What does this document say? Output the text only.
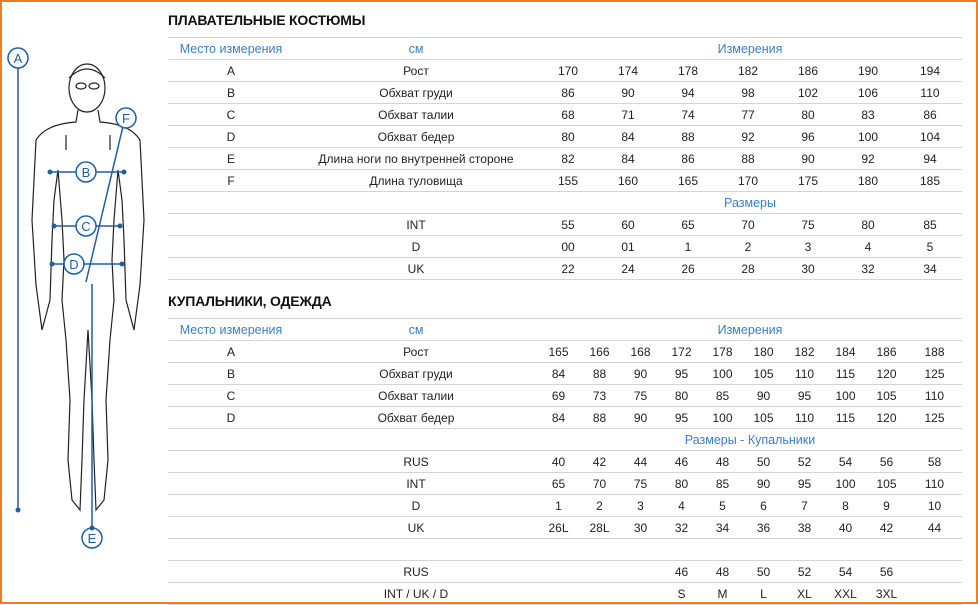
A
B
C
D
E
F
ПЛАВАТЕЛЬНЫЕ КОСТЮМЫ
Место измерения	см	Измерения						
A	Рост	170	174	178	182	186	190	194
B	Обхват груди	86	90	94	98	102	106	110
C	Обхват талии	68	71	74	77	80	83	86
D	Обхват бедер	80	84	88	92	96	100	104
E	Длина ноги по внутренней стороне	82	84	86	88	90	92	94
F	Длина туловища	155	160	165	170	175	180	185
		Размеры						
	INT	55	60	65	70	75	80	85
	D	00	01	1	2	3	4	5
	UK	22	24	26	28	30	32	34
КУПАЛЬНИКИ, ОДЕЖДА
Место измерения	см	Измерения									
A	Рост	165	166	168	172	178	180	182	184	186	188
B	Обхват груди	84	88	90	95	100	105	110	115	120	125
C	Обхват талии	69	73	75	80	85	90	95	100	105	110
D	Обхват бедер	84	88	90	95	100	105	110	115	120	125
		Размеры - Купальники									
	RUS	40	42	44	46	48	50	52	54	56	58
	INT	65	70	75	80	85	90	95	100	105	110
	D	1	2	3	4	5	6	7	8	9	10
	UK	26L	28L	30	32	34	36	38	40	42	44

	RUS				46	48	50	52	54	56	
	INT / UK / D				S	M	L	XL	XXL	3XL	
